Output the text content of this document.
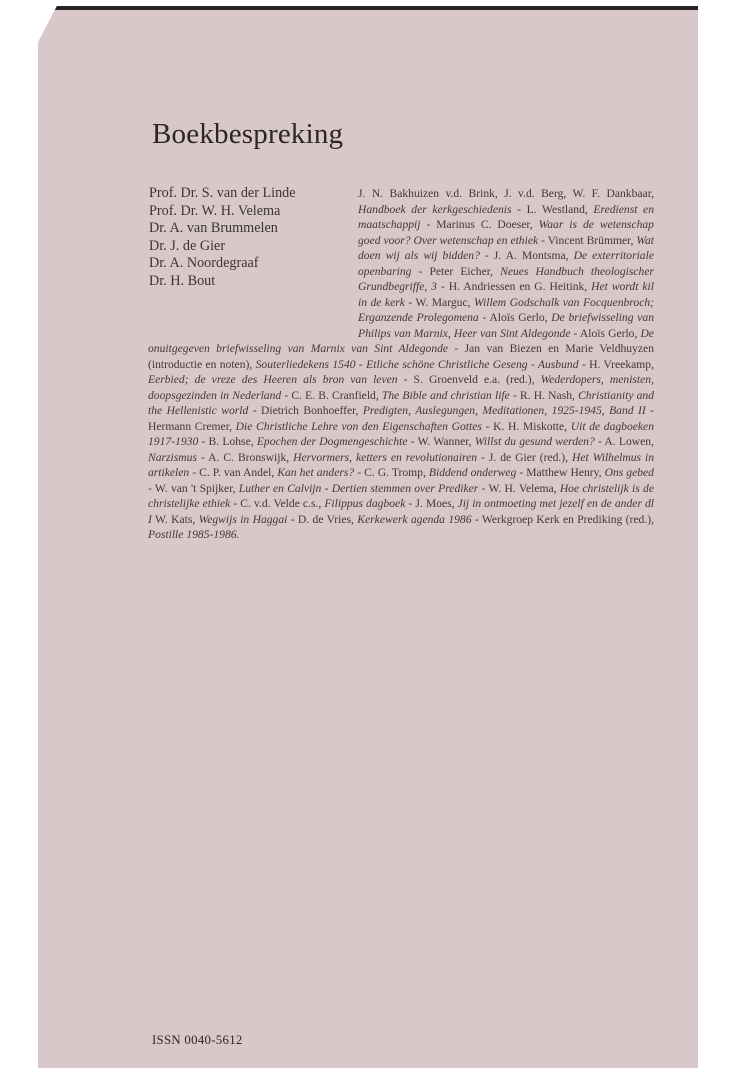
Boekbespreking
Prof. Dr. S. van der Linde
Prof. Dr. W. H. Velema
Dr. A. van Brummelen
Dr. J. de Gier
Dr. A. Noordegraaf
Dr. H. Bout

J. N. Bakhuizen v.d. Brink, J. v.d. Berg, W. F. Dankbaar, Handboek der kerkgeschiedenis - L. Westland, Eredienst en maatschappij - Marinus C. Doeser, Waar is de wetenschap goed voor? Over wetenschap en ethiek - Vincent Brümmer, Wat doen wij als wij bidden? - J. A. Montsma, De exterritoriale openbaring - Peter Eicher, Neues Handbuch theologischer Grundbegriffe, 3 - H. Andriessen en G. Heitink, Het wordt kil in de kerk - W. Marguc, Willem Godschalk van Focquenbroch; Erganzende Prolegomena - Aloïs Gerlo, De briefwisseling van Philips van Marnix, Heer van Sint Aldegonde - Aloïs Gerlo, De onuitgegeven briefwisseling van Marnix van Sint Aldegonde - Jan van Biezen en Marie Veldhuyzen (introductie en noten), Souterliedekens 1540 - Etliche schöne Christliche Geseng - Ausbund - H. Vreekamp, Eerbied; de vreze des Heeren als bron van leven - S. Groenveld e.a. (red.), Wederdopers, menisten, doopsgezinden in Nederland - C. E. B. Cranfield, The Bible and christian life - R. H. Nash, Christianity and the Hellenistic world - Dietrich Bonhoeffer, Predigten, Auslegungen, Meditationen, 1925-1945, Band II - Hermann Cremer, Die Christliche Lehre von den Eigenschaften Gottes - K. H. Miskotte, Uit de dagboeken 1917-1930 - B. Lohse, Epochen der Dogmengeschichte - W. Wanner, Willst du gesund werden? - A. Lowen, Narzismus - A. C. Bronswijk, Hervormers, ketters en revolutionairen - J. de Gier (red.), Het Wilhelmus in artikelen - C. P. van Andel, Kan het anders? - C. G. Tromp, Biddend onderweg - Matthew Henry, Ons gebed - W. van 't Spijker, Luther en Calvijn - Dertien stemmen over Prediker - W. H. Velema, Hoe christelijk is de christelijke ethiek - C. v.d. Velde c.s., Filippus dagboek - J. Moes, Jij in ontmoeting met jezelf en de ander dl I W. Kats, Wegwijs in Haggai - D. de Vries, Kerkewerk agenda 1986 - Werkgroep Kerk en Prediking (red.), Postille 1985-1986.

ISSN 0040-5612
